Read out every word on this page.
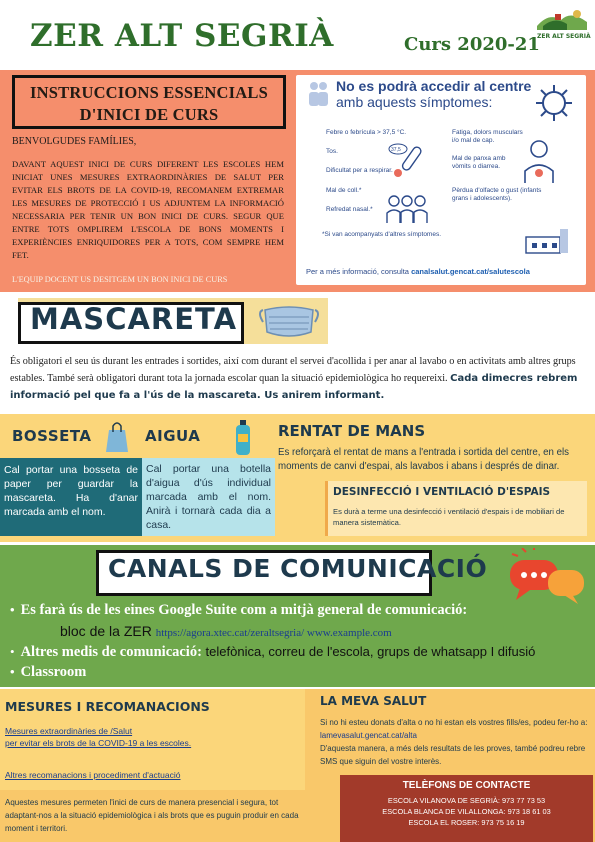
ZER ALT SEGRIÀ	Curs 2020-21
ZER ALT SEGRIÀ
INSTRUCCIONS ESSENCIALS
D'INICI DE CURS
BENVOLGUDES FAMÍLIES,
DAVANT AQUEST INICI DE CURS DIFERENT LES ESCOLES HEM INICIAT UNES MESURES EXTRAORDINÀRIES DE SALUT PER EVITAR ELS BROTS DE LA COVID-19, RECOMANEM EXTREMAR LES MESURES DE PROTECCIÓ I US ADJUNTEM LA INFORMACIÓ NECESSARIA PER TENIR UN BON INICI DE CURS. SEGUR QUE ENTRE TOTS OMPLIREM L'ESCOLA DE BONS MOMENTS I EXPERIÈNCIES ENRIQUIDORES PER A TOTS, COM SEMPRE HEM FET.
L'EQUIP DOCENT US DESITGEM UN BON INICI DE CURS
No es podrà accedir al centre
amb aquests símptomes:
Febre o febrícula > 37,5 °C.
Tos.
Dificultat per a respirar.
Mal de coll.*
Refredat nasal.*
Fatiga, dolors musculars i/o mal de cap.
Mal de panxa amb vòmits o diarrea.
Pèrdua d'olfacte o gust (infants grans i adolescents).
37,5
*Si van acompanyats d'altres símptomes.
Per a més informació, consulta canalsalut.gencat.cat/salutescola
MASCARETA
És obligatori el seu ús durant les entrades i sortides, així com durant el servei d'acollida i per anar al lavabo o en activitats amb altres grups estables. També serà obligatori durant tota la jornada escolar quan la situació epidemiològica ho requereixi. Cada dimecres rebrem informació pel que fa a l'ús de la mascareta. Us anirem informant.
BOSSETA	AIGUA
Cal portar una bosseta de paper per guardar la mascareta. Ha d'anar marcada amb el nom.
Cal portar una botella d'aigua d'ús individual marcada amb el nom. Anirà i tornarà cada dia a casa.
RENTAT DE MANS
Es reforçarà el rentat de mans a l'entrada i sortida del centre, en els moments de canvi d'espai, als lavabos i abans i després de dinar.
DESINFECCIÓ I VENTILACIÓ D'ESPAIS
Es durà a terme una desinfecció i ventilació d'espais i de mobiliari de manera sistemàtica.
CANALS DE COMUNICACIÓ
• Es farà ús de les eines Google Suite com a mitjà general de comunicació:
bloc de la ZER https://agora.xtec.cat/zeraltsegria/ www.example.com
• Altres medis de comunicació: telefònica, correu de l'escola, grups de whatsapp I difusió
• Classroom
MESURES I RECOMANACIONS
Mesures extraordinàries de /Salut
per evitar els brots de la COVID-19 a les escoles.
Altres recomanacions i procediment d'actuació
Aquestes mesures permeten l'inici de curs de manera presencial i segura, tot adaptant-nos a la situació epidemiològica i als brots que es puguin produir en cada moment i territori.
LA MEVA SALUT
Si no hi esteu donats d'alta o no hi estan els vostres fills/es, podeu fer-ho a: lamevasalut.gencat.cat/alta
D'aquesta manera, a més dels resultats de les proves, també podreu rebre SMS que siguin del vostre interès.
TELÈFONS DE CONTACTE
ESCOLA VILANOVA DE SEGRIÀ: 973 77 73 53
ESCOLA BLANCA DE VILALLONGA: 973 18 61 03
ESCOLA EL ROSER: 973 75 16 19
